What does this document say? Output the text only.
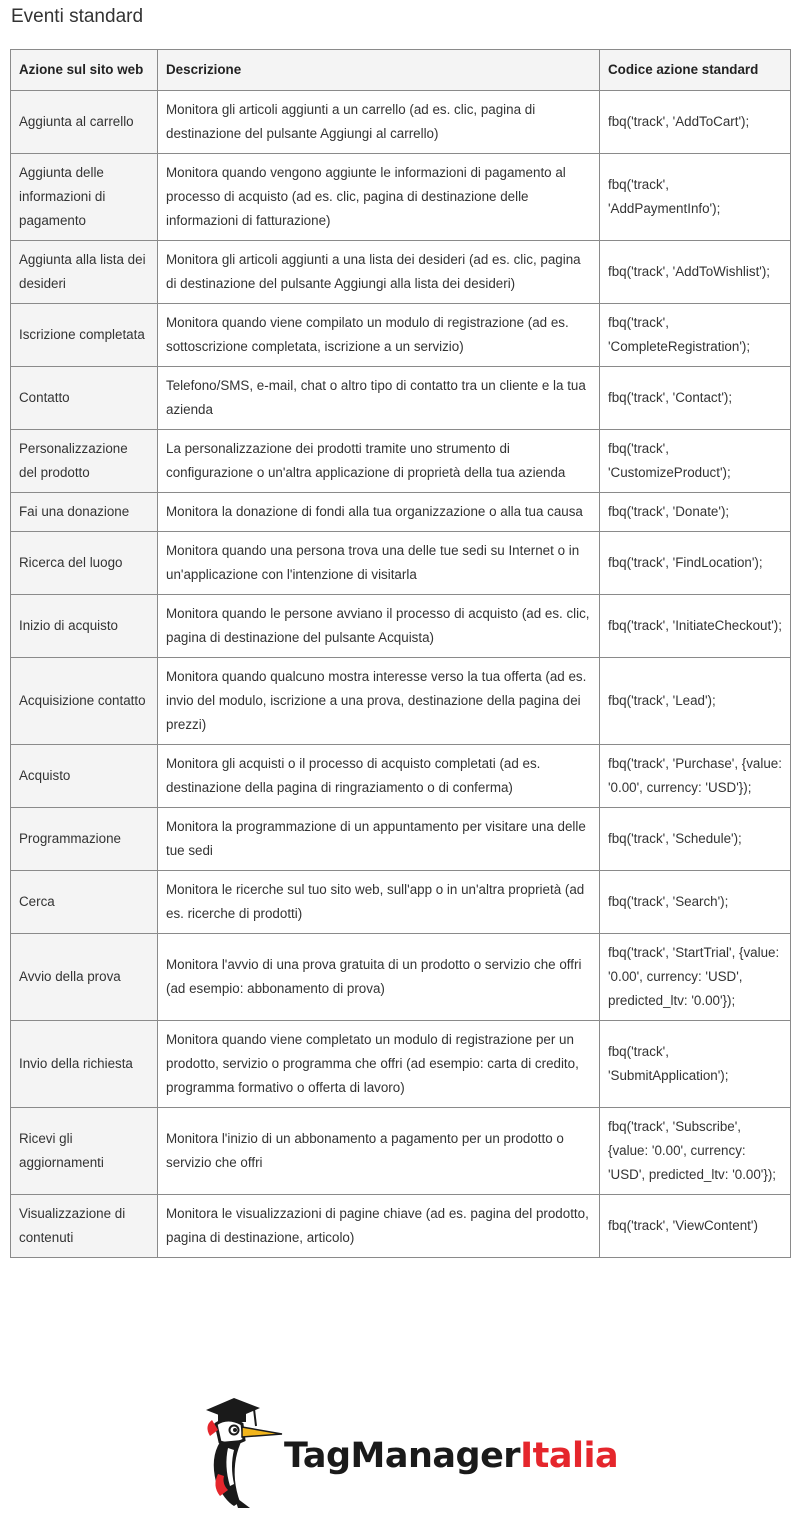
Eventi standard
Azione sul sito web	Descrizione	Codice azione standard
Aggiunta al carrello	Monitora gli articoli aggiunti a un carrello (ad es. clic, pagina di destinazione del pulsante Aggiungi al carrello)	fbq('track', 'AddToCart');
Aggiunta delle informazioni di pagamento	Monitora quando vengono aggiunte le informazioni di pagamento al processo di acquisto (ad es. clic, pagina di destinazione delle informazioni di fatturazione)	fbq('track', 'AddPaymentInfo');
Aggiunta alla lista dei desideri	Monitora gli articoli aggiunti a una lista dei desideri (ad es. clic, pagina di destinazione del pulsante Aggiungi alla lista dei desideri)	fbq('track', 'AddToWishlist');
Iscrizione completata	Monitora quando viene compilato un modulo di registrazione (ad es. sottoscrizione completata, iscrizione a un servizio)	fbq('track', 'CompleteRegistration');
Contatto	Telefono/SMS, e-mail, chat o altro tipo di contatto tra un cliente e la tua azienda	fbq('track', 'Contact');
Personalizzazione del prodotto	La personalizzazione dei prodotti tramite uno strumento di configurazione o un'altra applicazione di proprietà della tua azienda	fbq('track', 'CustomizeProduct');
Fai una donazione	Monitora la donazione di fondi alla tua organizzazione o alla tua causa	fbq('track', 'Donate');
Ricerca del luogo	Monitora quando una persona trova una delle tue sedi su Internet o in un'applicazione con l'intenzione di visitarla	fbq('track', 'FindLocation');
Inizio di acquisto	Monitora quando le persone avviano il processo di acquisto (ad es. clic, pagina di destinazione del pulsante Acquista)	fbq('track', 'InitiateCheckout');
Acquisizione contatto	Monitora quando qualcuno mostra interesse verso la tua offerta (ad es. invio del modulo, iscrizione a una prova, destinazione della pagina dei prezzi)	fbq('track', 'Lead');
Acquisto	Monitora gli acquisti o il processo di acquisto completati (ad es. destinazione della pagina di ringraziamento o di conferma)	fbq('track', 'Purchase', {value: '0.00', currency: 'USD'});
Programmazione	Monitora la programmazione di un appuntamento per visitare una delle tue sedi	fbq('track', 'Schedule');
Cerca	Monitora le ricerche sul tuo sito web, sull'app o in un'altra proprietà (ad es. ricerche di prodotti)	fbq('track', 'Search');
Avvio della prova	Monitora l'avvio di una prova gratuita di un prodotto o servizio che offri (ad esempio: abbonamento di prova)	fbq('track', 'StartTrial', {value: '0.00', currency: 'USD', predicted_ltv: '0.00'});
Invio della richiesta	Monitora quando viene completato un modulo di registrazione per un prodotto, servizio o programma che offri (ad esempio: carta di credito, programma formativo o offerta di lavoro)	fbq('track', 'SubmitApplication');
Ricevi gli aggiornamenti	Monitora l'inizio di un abbonamento a pagamento per un prodotto o servizio che offri	fbq('track', 'Subscribe', {value: '0.00', currency: 'USD', predicted_ltv: '0.00'});
Visualizzazione di contenuti	Monitora le visualizzazioni di pagine chiave (ad es. pagina del prodotto, pagina di destinazione, articolo)	fbq('track', 'ViewContent')
TagManagerItalia
